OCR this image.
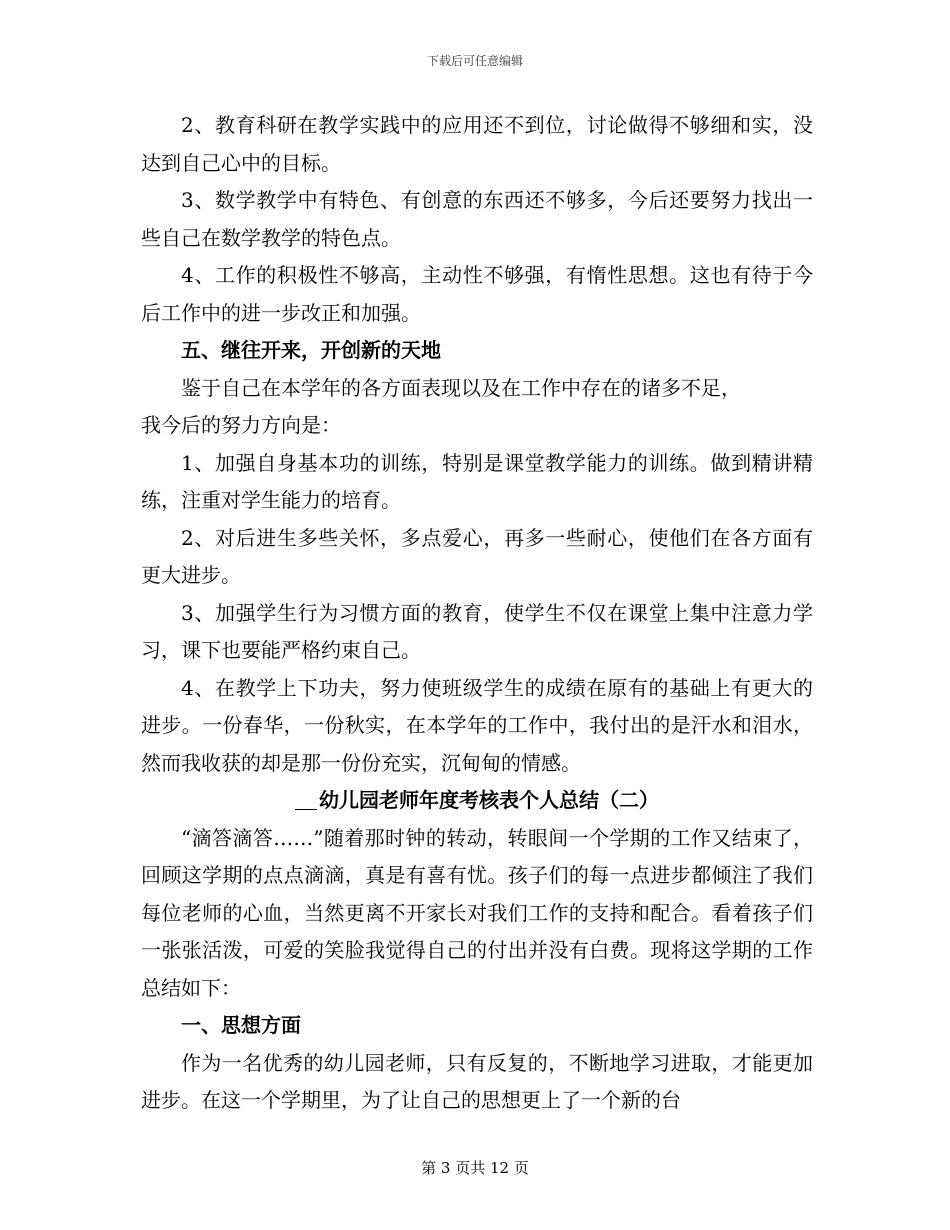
下载后可任意编辑

2、教育科研在教学实践中的应用还不到位，讨论做得不够细和实，没达到自己心中的目标。

3、数学教学中有特色、有创意的东西还不够多，今后还要努力找出一些自己在数学教学的特色点。

4、工作的积极性不够高，主动性不够强，有惰性思想。这也有待于今后工作中的进一步改正和加强。

五、继往开来，开创新的天地

鉴于自己在本学年的各方面表现以及在工作中存在的诸多不足，

我今后的努力方向是：

1、加强自身基本功的训练，特别是课堂教学能力的训练。做到精讲精练，注重对学生能力的培育。

2、对后进生多些关怀，多点爱心，再多一些耐心，使他们在各方面有更大进步。

3、加强学生行为习惯方面的教育，使学生不仅在课堂上集中注意力学习，课下也要能严格约束自己。

4、在教学上下功夫，努力使班级学生的成绩在原有的基础上有更大的进步。一份春华，一份秋实，在本学年的工作中，我付出的是汗水和泪水，然而我收获的却是那一份份充实，沉甸甸的情感。

幼儿园老师年度考核表个人总结（二）

“滴答滴答……”随着那时钟的转动，转眼间一个学期的工作又结束了，回顾这学期的点点滴滴，真是有喜有忧。孩子们的每一点进步都倾注了我们每位老师的心血，当然更离不开家长对我们工作的支持和配合。看着孩子们一张张活泼，可爱的笑脸我觉得自己的付出并没有白费。现将这学期的工作总结如下：

一、思想方面

作为一名优秀的幼儿园老师，只有反复的，不断地学习进取，才能更加进步。在这一个学期里，为了让自己的思想更上了一个新的台

第 3 页共 12 页
